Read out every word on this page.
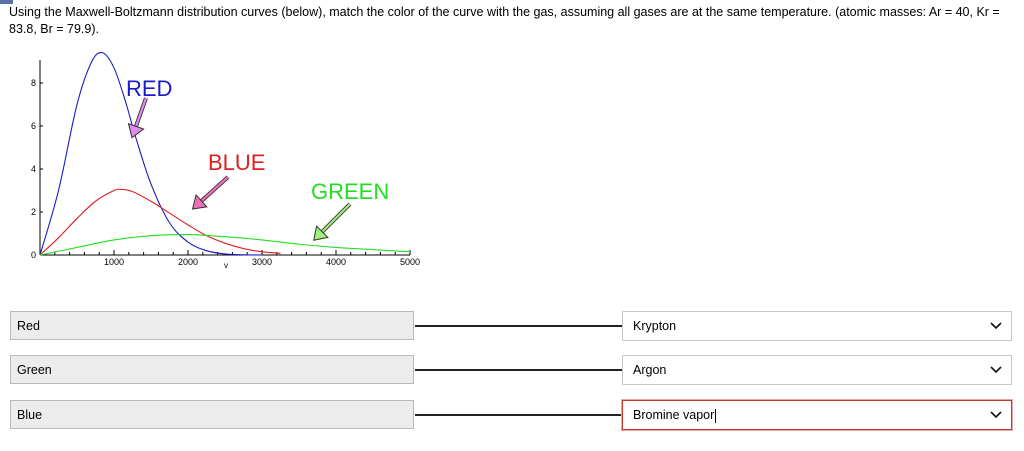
Using the Maxwell-Boltzmann distribution curves (below), match the color of the curve with the gas, assuming all gases are at the same temperature. (atomic masses: Ar = 40, Kr = 83.8, Br = 79.9).

1000	2000	3000	4000	5000
0
2
4
6
8
v
RED
BLUE
GREEN
Red	Krypton
Green	Argon
Blue	Bromine vapor
